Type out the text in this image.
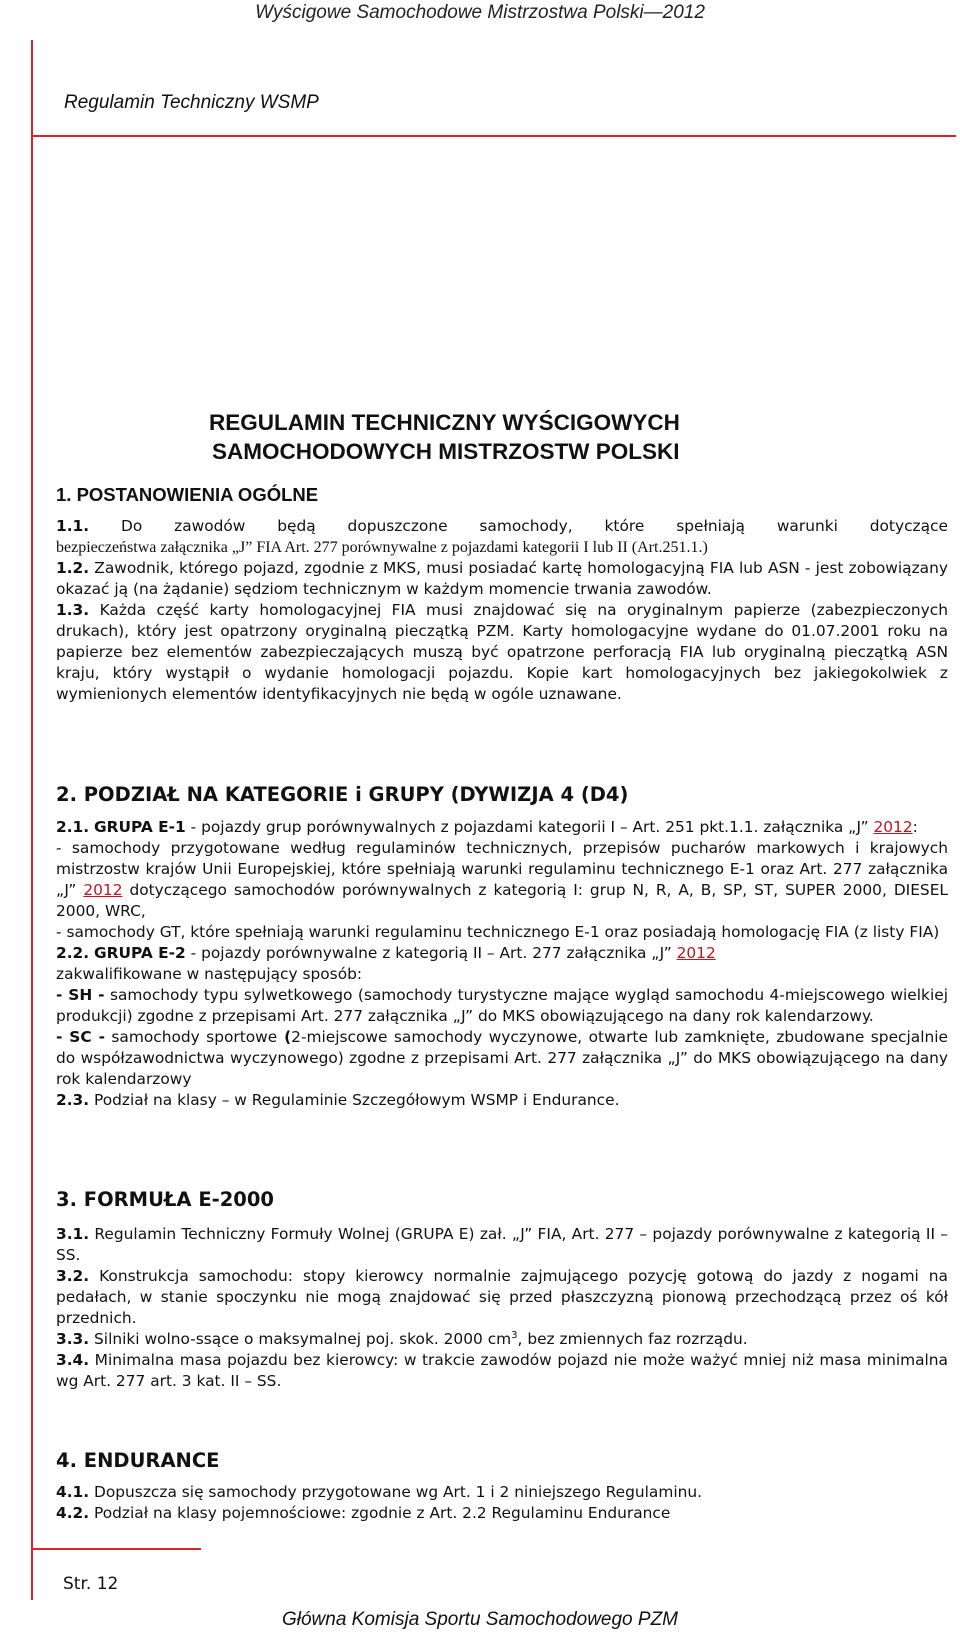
Wyścigowe Samochodowe Mistrzostwa Polski—2012
Regulamin Techniczny WSMP
REGULAMIN TECHNICZNY WYŚCIGOWYCH
SAMOCHODOWYCH MISTRZOSTW POLSKI
1. POSTANOWIENIA OGÓLNE

1.1. Do zawodów będą dopuszczone samochody, które spełniają warunki dotyczące

bezpieczeństwa załącznika „J” FIA Art. 277 porównywalne z pojazdami kategorii I lub II (Art.251.1.)

1.2. Zawodnik, którego pojazd, zgodnie z MKS, musi posiadać kartę homologacyjną FIA lub ASN - jest zobowiązany okazać ją (na żądanie) sędziom technicznym w każdym momencie trwania zawodów.

1.3. Każda część karty homologacyjnej FIA musi znajdować się na oryginalnym papierze (zabezpieczonych drukach), który jest opatrzony oryginalną pieczątką PZM. Karty homologacyjne wydane do 01.07.2001 roku na papierze bez elementów zabezpieczających muszą być opatrzone perforacją FIA lub oryginalną pieczątką ASN kraju, który wystąpił o wydanie homologacji pojazdu. Kopie kart homologacyjnych bez jakiegokolwiek z wymienionych elementów identyfikacyjnych nie będą w ogóle uznawane.

2. PODZIAŁ NA KATEGORIE i GRUPY (DYWIZJA 4 (D4)

2.1. GRUPA E-1 - pojazdy grup porównywalnych z pojazdami kategorii I – Art. 251 pkt.1.1. załącznika „J” 2012:

- samochody przygotowane według regulaminów technicznych, przepisów pucharów markowych i krajowych mistrzostw krajów Unii Europejskiej, które spełniają warunki regulaminu technicznego E-1 oraz Art. 277 załącznika „J” 2012 dotyczącego samochodów porównywalnych z kategorią I: grup N, R, A, B, SP, ST, SUPER 2000, DIESEL 2000, WRC,

- samochody GT, które spełniają warunki regulaminu technicznego E-1 oraz posiadają homologację FIA (z listy FIA)

2.2. GRUPA E-2 - pojazdy porównywalne z kategorią II – Art. 277 załącznika „J” 2012

zakwalifikowane w następujący sposób:

- SH - samochody typu sylwetkowego (samochody turystyczne mające wygląd samochodu 4-miejscowego wielkiej produkcji) zgodne z przepisami Art. 277 załącznika „J” do MKS obowiązującego na dany rok kalendarzowy.

- SC - samochody sportowe (2-miejscowe samochody wyczynowe, otwarte lub zamknięte, zbudowane specjalnie do współzawodnictwa wyczynowego) zgodne z przepisami Art. 277 załącznika „J” do MKS obowiązującego na dany rok kalendarzowy

2.3. Podział na klasy – w Regulaminie Szczegółowym WSMP i Endurance.

3. FORMUŁA E-2000

3.1. Regulamin Techniczny Formuły Wolnej (GRUPA E) zał. „J” FIA, Art. 277 – pojazdy porównywalne z kategorią II – SS.

3.2. Konstrukcja samochodu: stopy kierowcy normalnie zajmującego pozycję gotową do jazdy z nogami na pedałach, w stanie spoczynku nie mogą znajdować się przed płaszczyzną pionową przechodzącą przez oś kół przednich.

3.3. Silniki wolno-ssące o maksymalnej poj. skok. 2000 $cm^3$, bez zmiennych faz rozrządu.

3.4. Minimalna masa pojazdu bez kierowcy: w trakcie zawodów pojazd nie może ważyć mniej niż masa minimalna wg Art. 277 art. 3 kat. II – SS.

4. ENDURANCE

4.1. Dopuszcza się samochody przygotowane wg Art. 1 i 2 niniejszego Regulaminu.

4.2. Podział na klasy pojemnościowe: zgodnie z Art. 2.2 Regulaminu Endurance

Str. 12
Główna Komisja Sportu Samochodowego PZM
